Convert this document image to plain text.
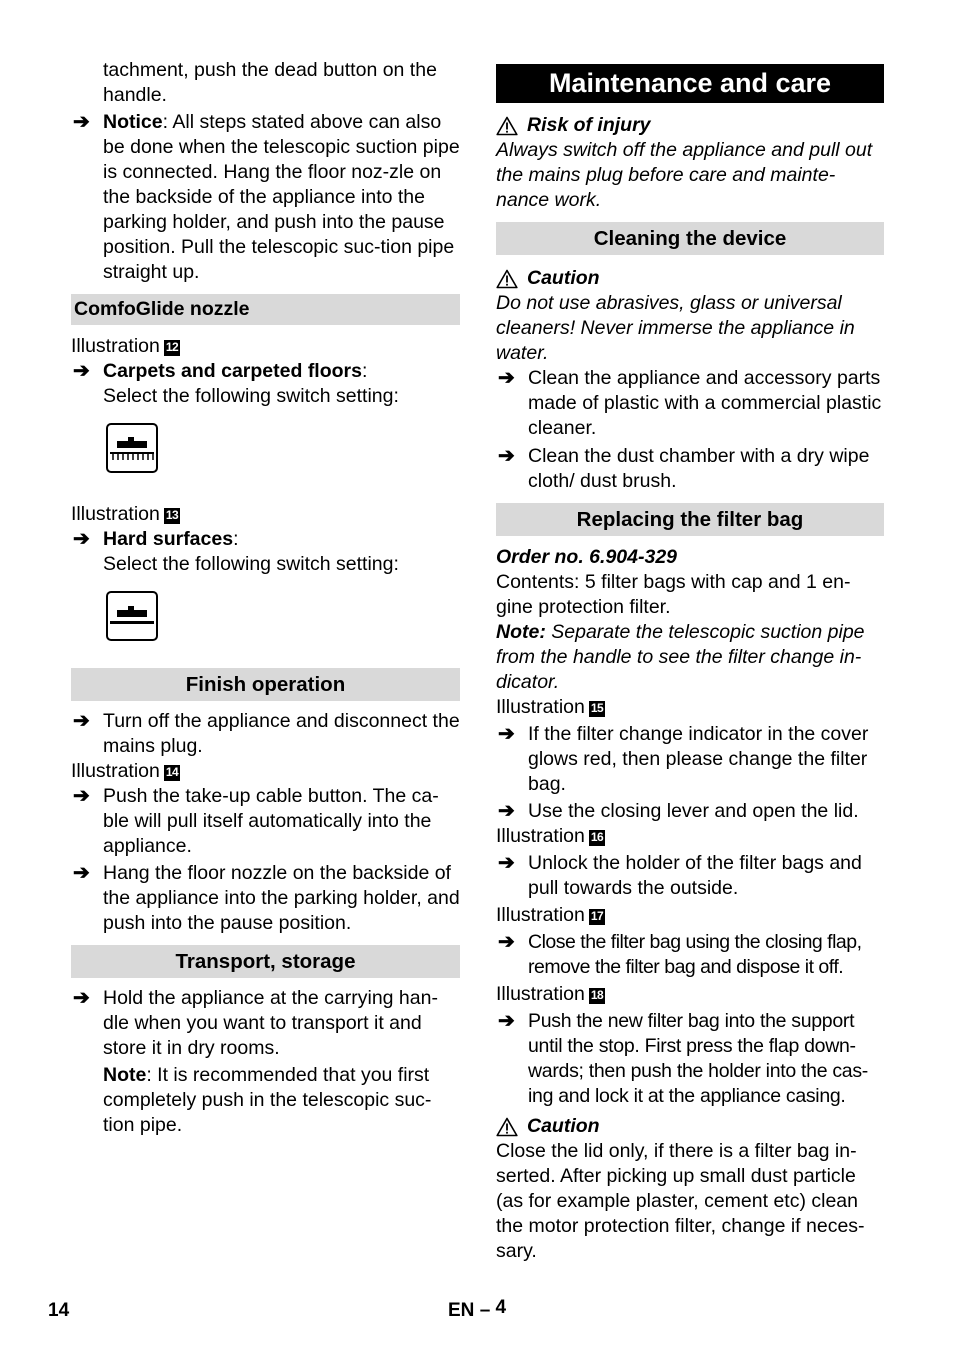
tachment, push the dead button on the handle.

➔ Notice: All steps stated above can also be done when the telescopic suction pipe is connected. Hang the floor noz-zle on the backside of the appliance into the parking holder, and push into the pause position. Pull the telescopic suc-tion pipe straight up.
ComfoGlide nozzle

Illustration 12

➔ Carpets and carpeted floors:

Select the following switch setting:

Illustration 13

➔ Hard surfaces:

Select the following switch setting:

Finish operation
➔ Turn off the appliance and disconnect the mains plug.

Illustration 14

➔ Push the take-up cable button. The ca-ble will pull itself automatically into the appliance.
➔ Hang the floor nozzle on the backside of the appliance into the parking holder, and push into the pause position.
Transport, storage
➔ Hold the appliance at the carrying han-dle when you want to transport it and store it in dry rooms.

Note: It is recommended that you first completely push in the telescopic suc-tion pipe.

Maintenance and care
Risk of injury

Always switch off the appliance and pull out the mains plug before care and mainte-nance work.

Cleaning the device
Caution

Do not use abrasives, glass or universal cleaners! Never immerse the appliance in water.

➔ Clean the appliance and accessory parts made of plastic with a commercial plastic cleaner.
➔ Clean the dust chamber with a dry wipe cloth/ dust brush.
Replacing the filter bag

Order no. 6.904-329

Contents: 5 filter bags with cap and 1 en-gine protection filter.

Note: Separate the telescopic suction pipe from the handle to see the filter change in-dicator.

Illustration 15

➔ If the filter change indicator in the cover glows red, then please change the filter bag.
➔ Use the closing lever and open the lid.

Illustration 16

➔ Unlock the holder of the filter bags and pull towards the outside.

Illustration 17

➔ Close the filter bag using the closing flap, remove the filter bag and dispose it off.

Illustration 18

➔ Push the new filter bag into the support until the stop. First press the flap down-wards; then push the holder into the cas-ing and lock it at the appliance casing.
Caution

Close the lid only, if there is a filter bag in-serted. After picking up small dust particle (as for example plaster, cement etc) clean the motor protection filter, change if neces-sary.

14	EN – 4
